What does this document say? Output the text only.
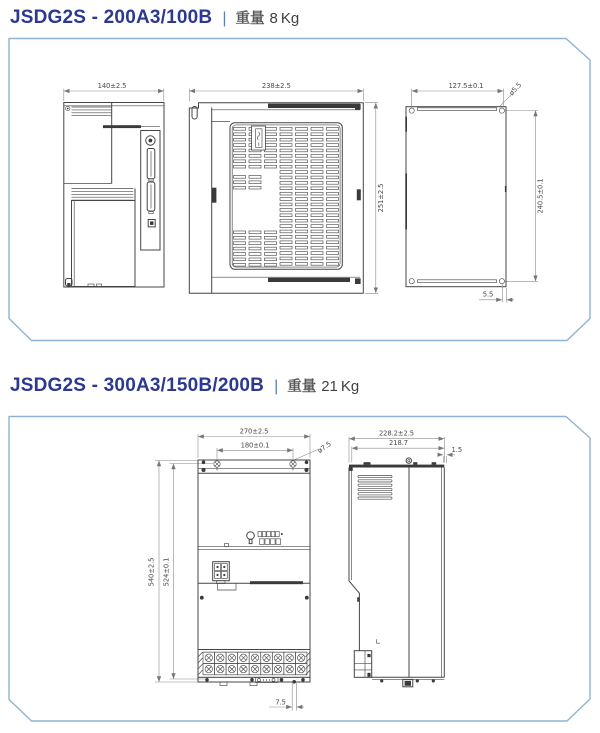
JSDG2S - 200A3/100B | 重量 8 Kg
140±2.5	238±2.5
251±2.5
127.5±0.1	ø5.5
240.5±0.1
5.5
JSDG2S - 300A3/150B/200B | 重量 21 Kg
540±2.5 524±0.1
270±2.5
180±0.1	ø7.5
7.5
228.2±2.5
218.7
1.5
